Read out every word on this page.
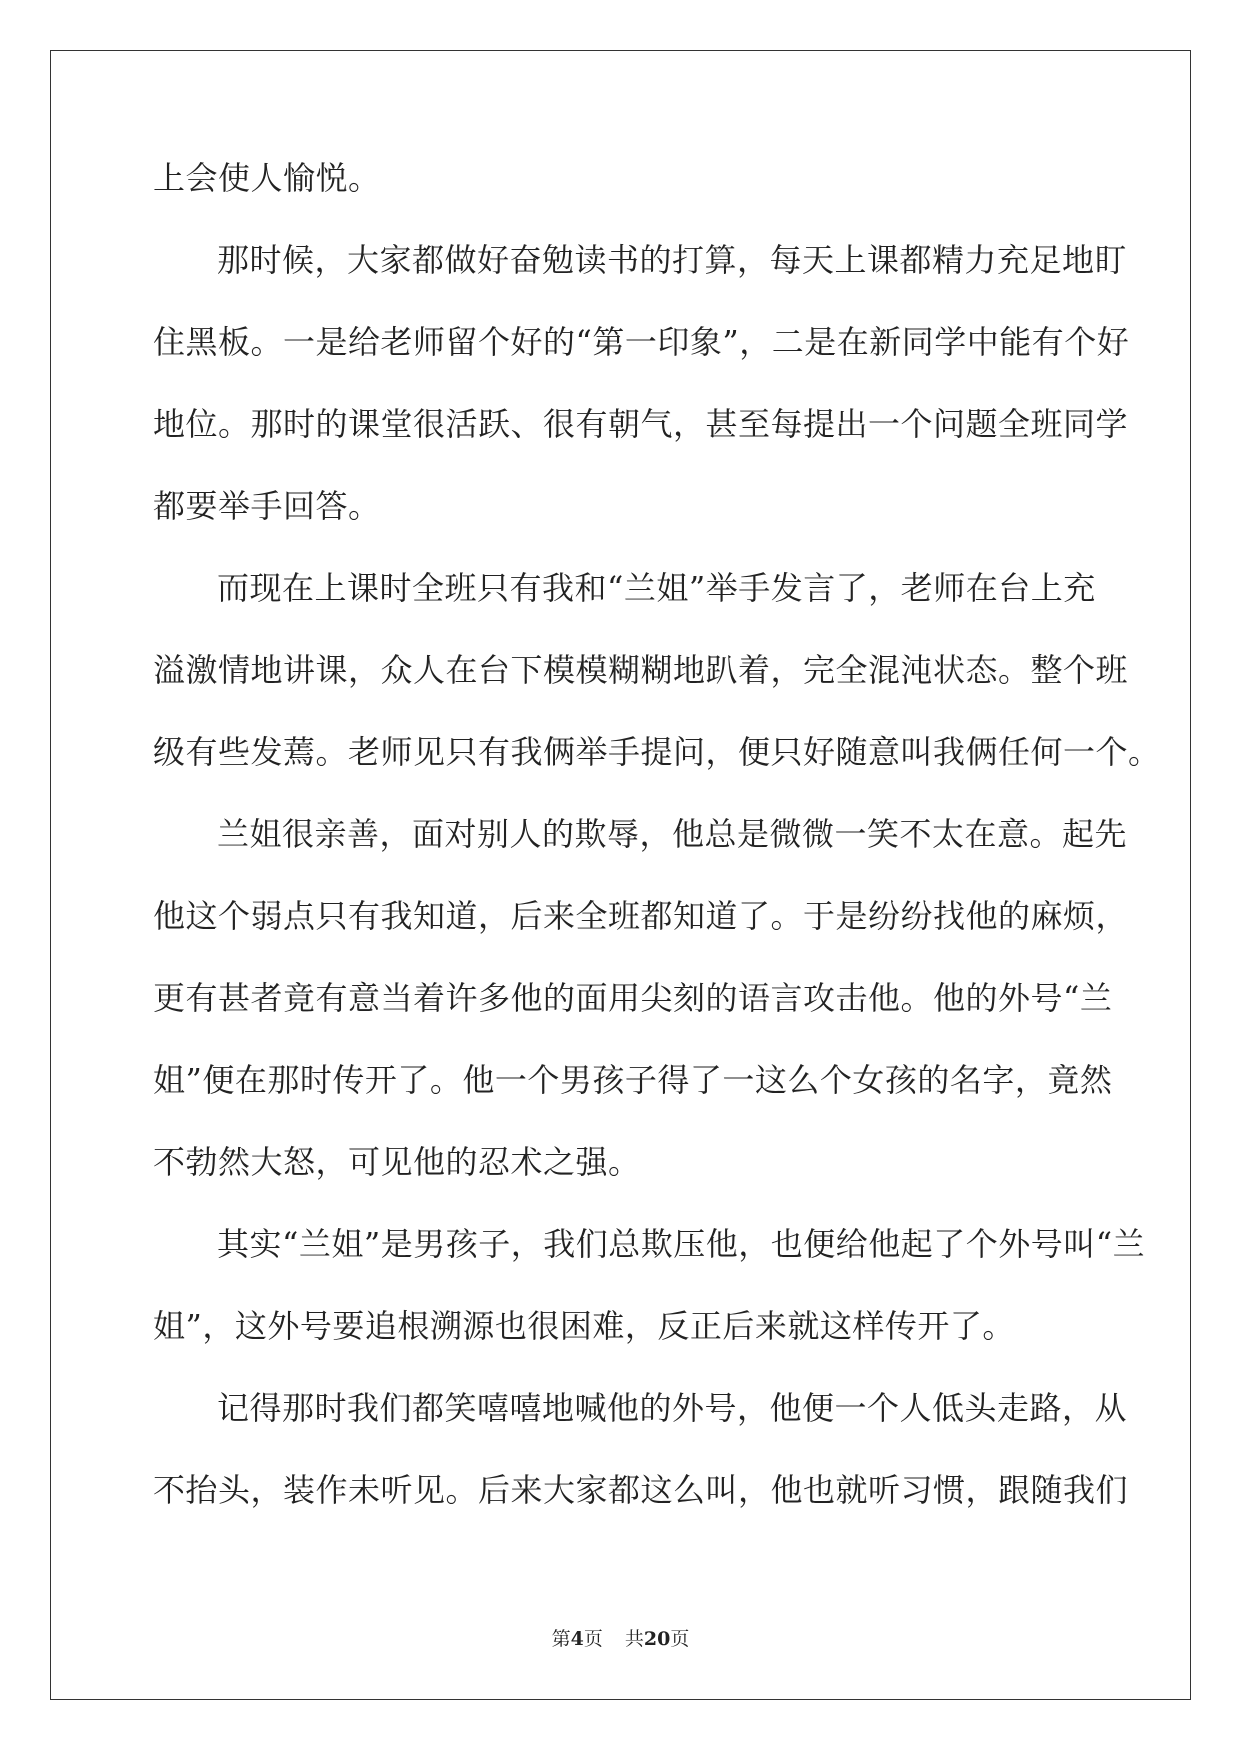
上会使人愉悦。
那时候，大家都做好奋勉读书的打算，每天上课都精力充足地盯
住黑板。一是给老师留个好的“第一印象”，二是在新同学中能有个好
地位。那时的课堂很活跃、很有朝气，甚至每提出一个问题全班同学
都要举手回答。
而现在上课时全班只有我和“兰姐”举手发言了，老师在台上充
溢激情地讲课，众人在台下模模糊糊地趴着，完全混沌状态。整个班
级有些发蔫。老师见只有我俩举手提问，便只好随意叫我俩任何一个。
兰姐很亲善，面对别人的欺辱，他总是微微一笑不太在意。起先
他这个弱点只有我知道，后来全班都知道了。于是纷纷找他的麻烦，
更有甚者竟有意当着许多他的面用尖刻的语言攻击他。他的外号“兰
姐”便在那时传开了。他一个男孩子得了一这么个女孩的名字，竟然
不勃然大怒，可见他的忍术之强。
其实“兰姐”是男孩子，我们总欺压他，也便给他起了个外号叫“兰
姐”，这外号要追根溯源也很困难，反正后来就这样传开了。
记得那时我们都笑嘻嘻地喊他的外号，他便一个人低头走路，从
不抬头，装作未听见。后来大家都这么叫，他也就听习惯，跟随我们
第4页 共20页
